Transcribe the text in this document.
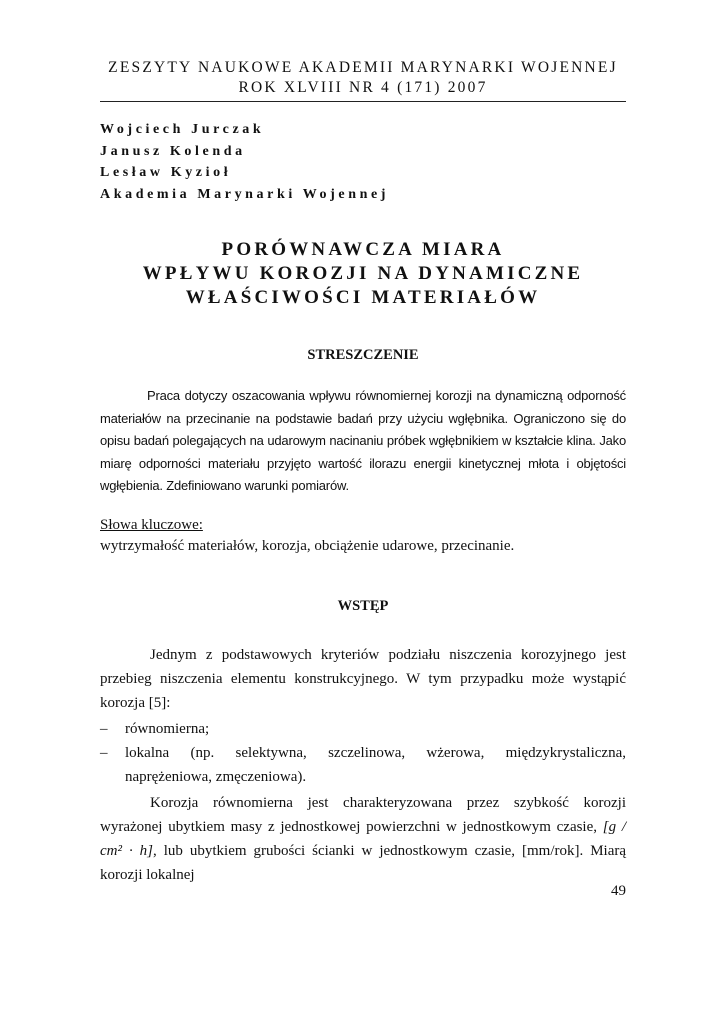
ZESZYTY NAUKOWE AKADEMII MARYNARKI WOJENNEJ
ROK XLVIII NR 4 (171) 2007
Wojciech Jurczak
Janusz Kolenda
Lesław Kyzioł
Akademia Marynarki Wojennej
PORÓWNAWCZA MIARA
WPŁYWU KOROZJI NA DYNAMICZNE
WŁAŚCIWOŚCI MATERIAŁÓW
STRESZCZENIE

Praca dotyczy oszacowania wpływu równomiernej korozji na dynamiczną odporność materiałów na przecinanie na podstawie badań przy użyciu wgłębnika. Ograniczono się do opisu badań polegających na udarowym nacinaniu próbek wgłębnikiem w kształcie klina. Jako miarę odporności materiału przyjęto wartość ilorazu energii kinetycznej młota i objętości wgłębienia. Zdefiniowano warunki pomiarów.

Słowa kluczowe:
wytrzymałość materiałów, korozja, obciążenie udarowe, przecinanie.
WSTĘP

Jednym z podstawowych kryteriów podziału niszczenia korozyjnego jest przebieg niszczenia elementu konstrukcyjnego. W tym przypadku może wystąpić korozja [5]:

– równomierna;
– lokalna (np. selektywna, szczelinowa, wżerowa, międzykrystaliczna, naprężeniowa, zmęczeniowa).

Korozja równomierna jest charakteryzowana przez szybkość korozji wyrażonej ubytkiem masy z jednostkowej powierzchni w jednostkowym czasie, [g / cm² · h], lub ubytkiem grubości ścianki w jednostkowym czasie, [mm/rok]. Miarą korozji lokalnej

49
